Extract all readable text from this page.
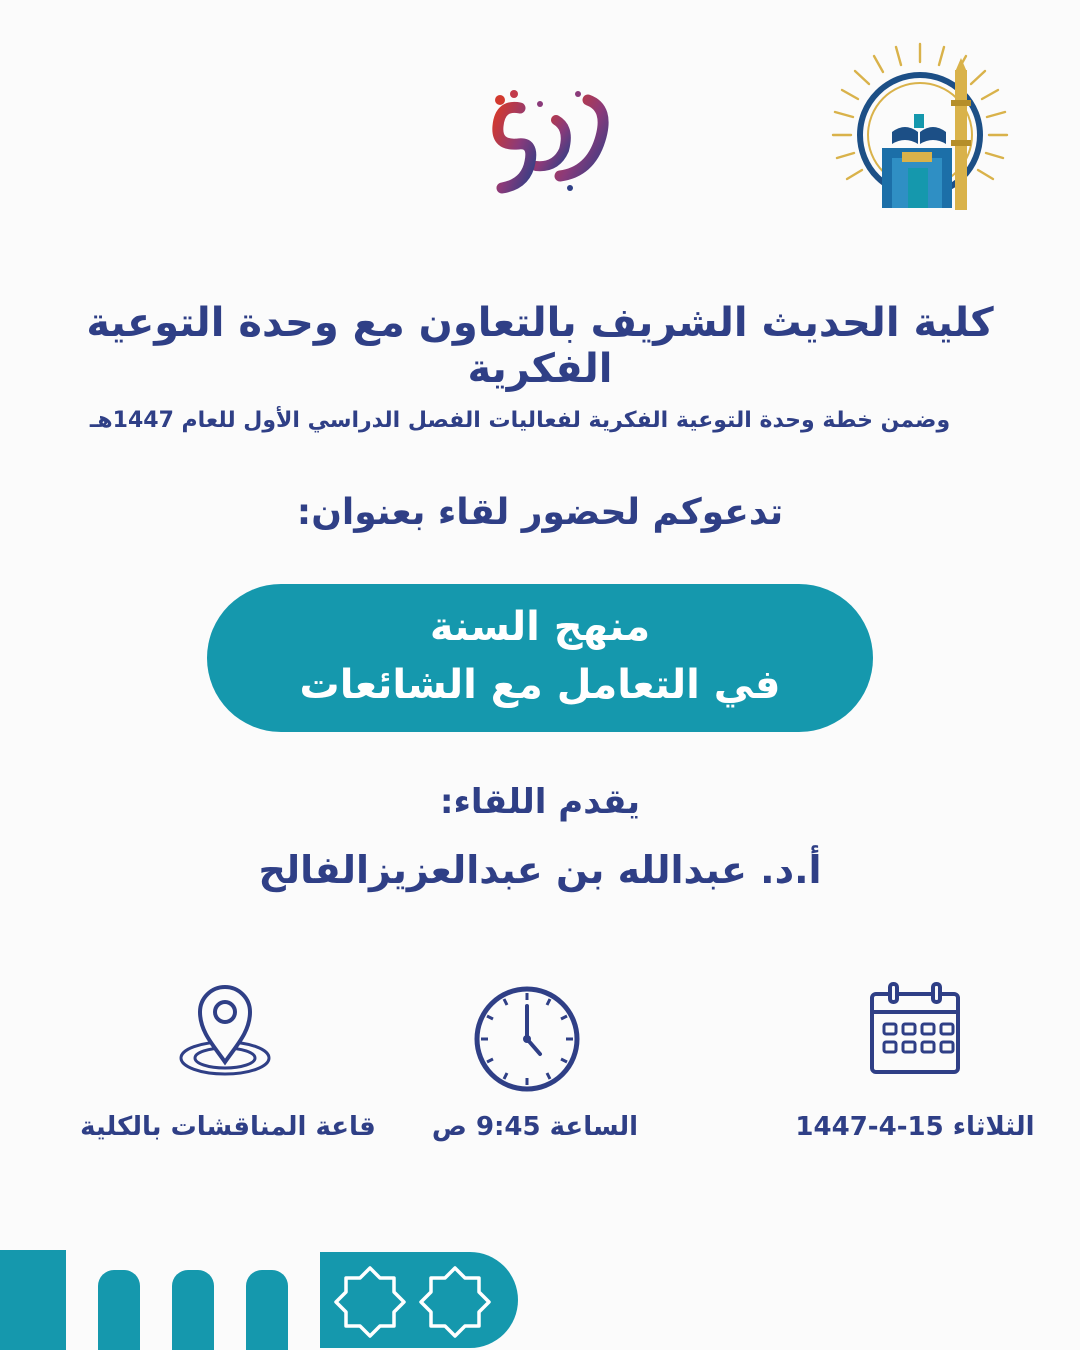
كلية الحديث الشريف بالتعاون مع وحدة التوعية الفكرية
وضمن خطة وحدة التوعية الفكرية لفعاليات الفصل الدراسي الأول للعام 1447هـ
تدعوكم لحضور لقاء بعنوان:
منهج السنة
في التعامل مع الشائعات
يقدم اللقاء:
أ.د. عبدالله بن عبدالعزيزالفالح
الثلاثاء 15-4-1447
الساعة 9:45 ص
قاعة المناقشات بالكلية
